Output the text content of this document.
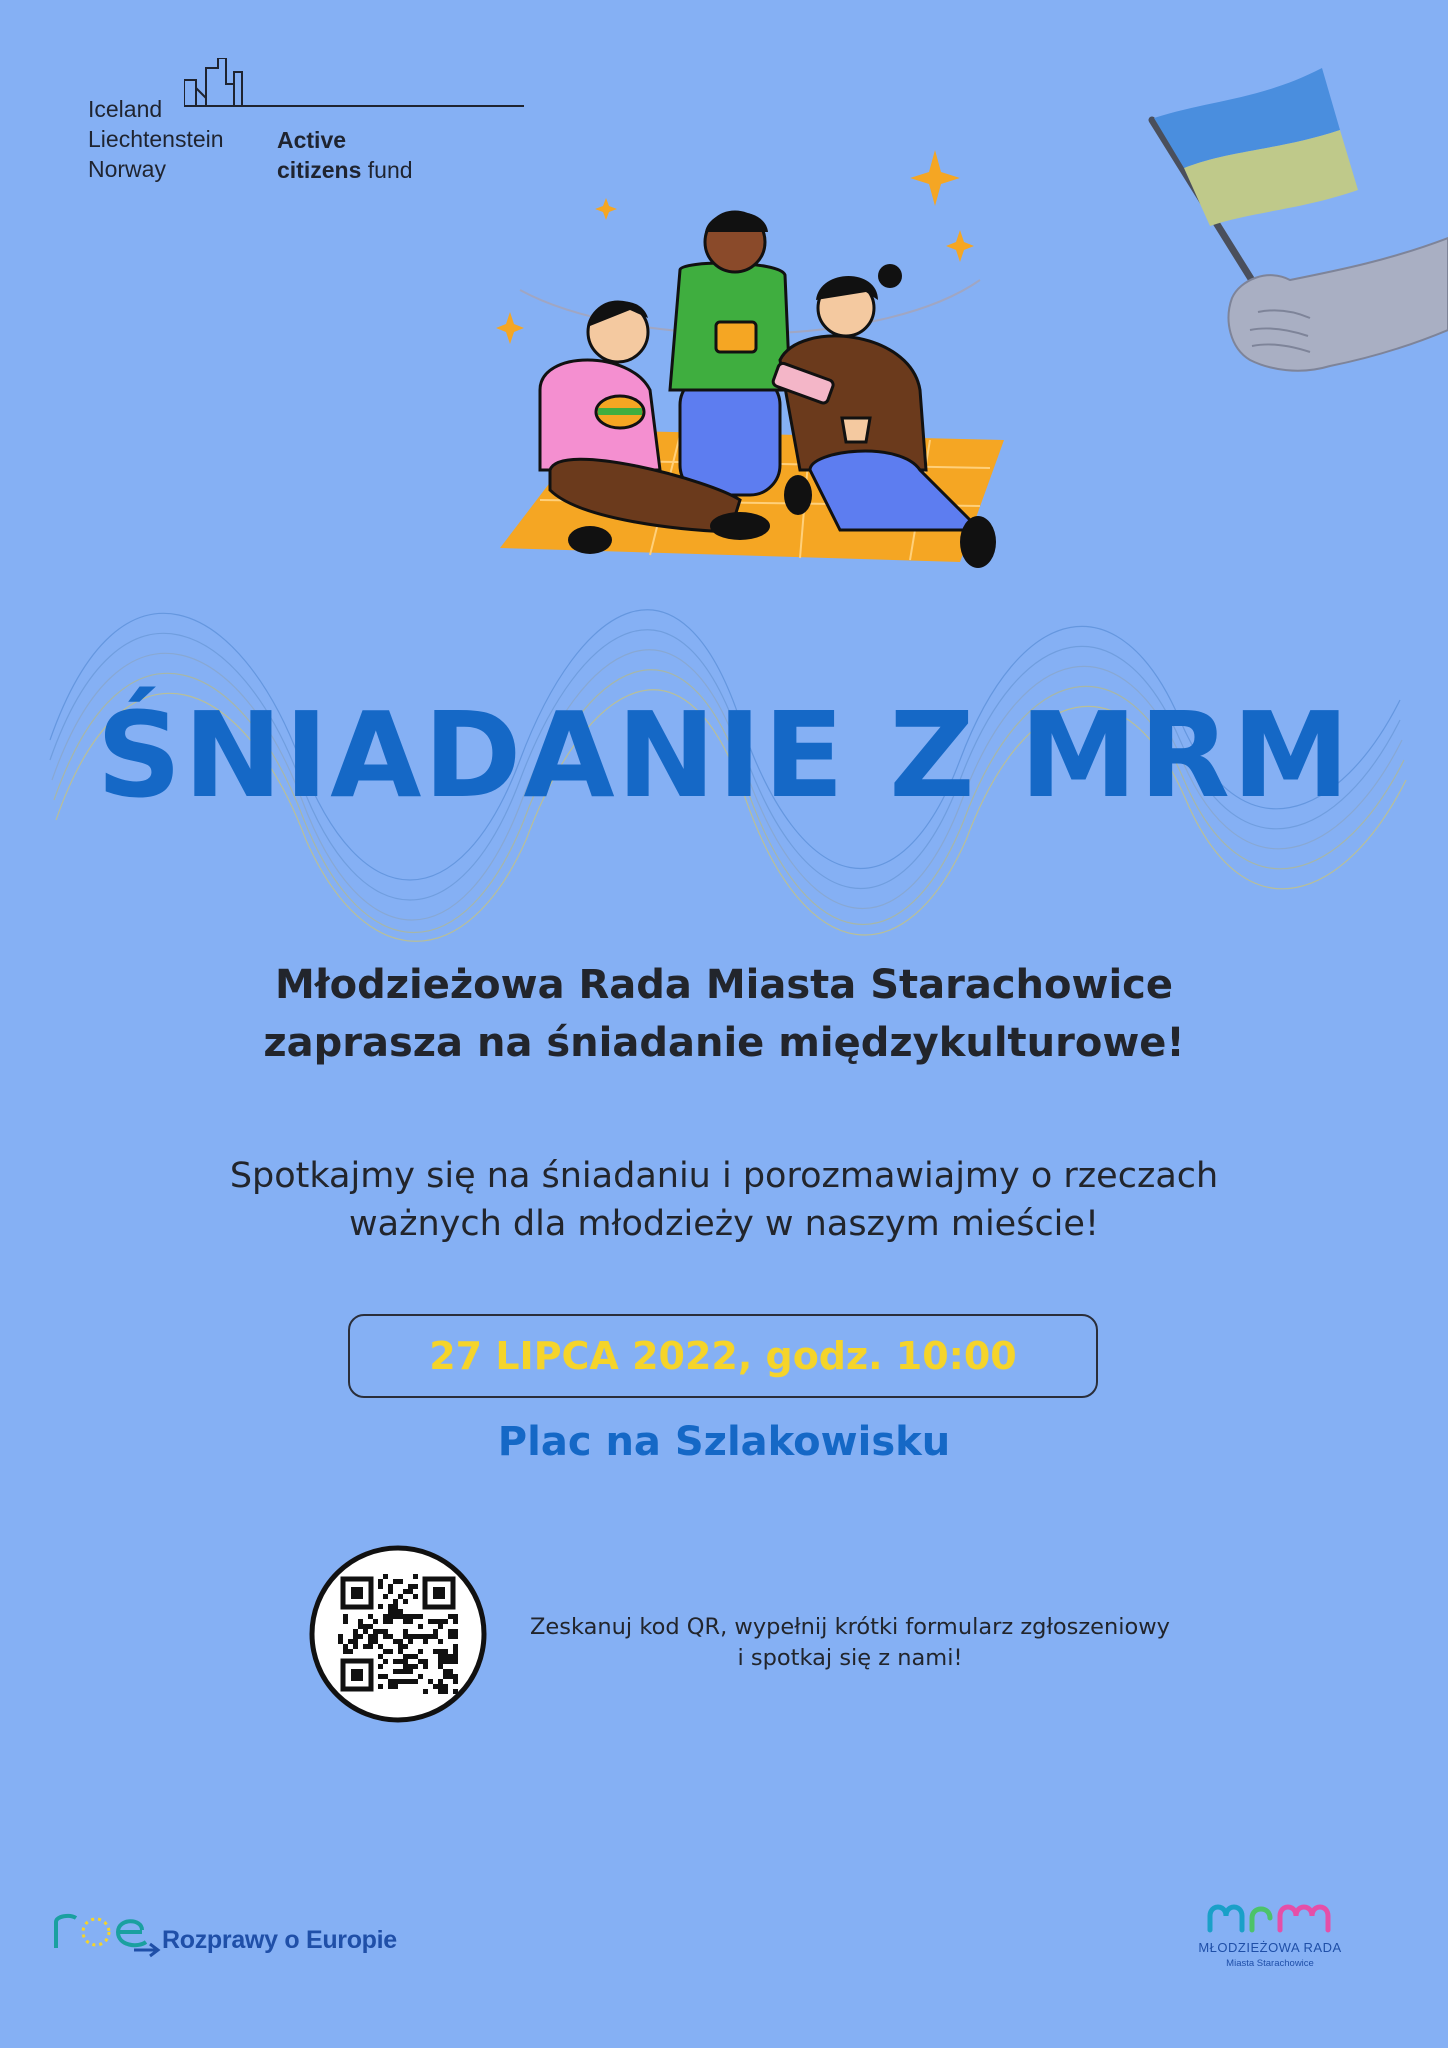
Iceland
Liechtenstein
Norway
Active
citizens fund
ŚNIADANIE Z MRM
Młodzieżowa Rada Miasta Starachowice
zaprasza na śniadanie międzykulturowe!
Spotkajmy się na śniadaniu i porozmawiajmy o rzeczach
ważnych dla młodzieży w naszym mieście!
27 LIPCA 2022, godz. 10:00
Plac na Szlakowisku
Zeskanuj kod QR, wypełnij krótki formularz zgłoszeniowy
i spotkaj się z nami!
Rozprawy o Europie	MŁODZIEŻOWA RADA
Miasta Starachowice
